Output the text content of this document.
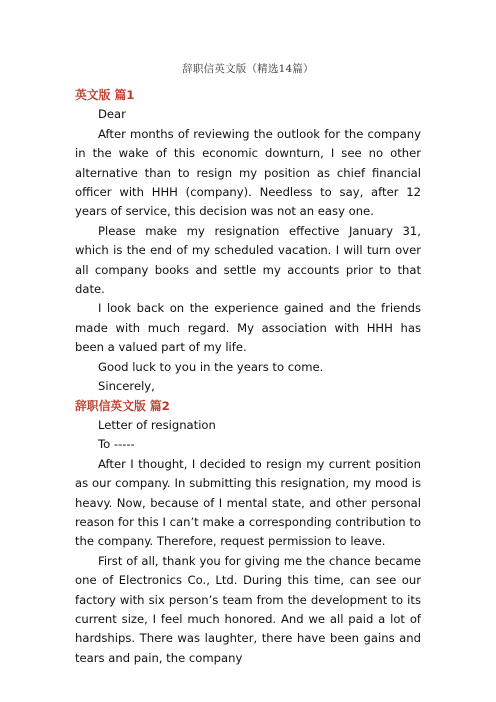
辞职信英文版（精选14篇）

英文版 篇1

Dear

After months of reviewing the outlook for the company in the wake of this economic downturn, I see no other alternative than to resign my position as chief financial officer with HHH (company). Needless to say, after 12 years of service, this decision was not an easy one.

Please make my resignation effective January 31, which is the end of my scheduled vacation. I will turn over all company books and settle my accounts prior to that date.

I look back on the experience gained and the friends made with much regard. My association with HHH has been a valued part of my life.

Good luck to you in the years to come.

Sincerely,

辞职信英文版 篇2

Letter of resignation

To -----

After I thought, I decided to resign my current position as our company. In submitting this resignation, my mood is heavy. Now, because of I mental state, and other personal reason for this I can’t make a corresponding contribution to the company. Therefore, request permission to leave.

First of all, thank you for giving me the chance became one of Electronics Co., Ltd. During this time, can see our factory with six person’s team from the development to its current size, I feel much honored. And we all paid a lot of hardships. There was laughter, there have been gains and tears and pain, the company
